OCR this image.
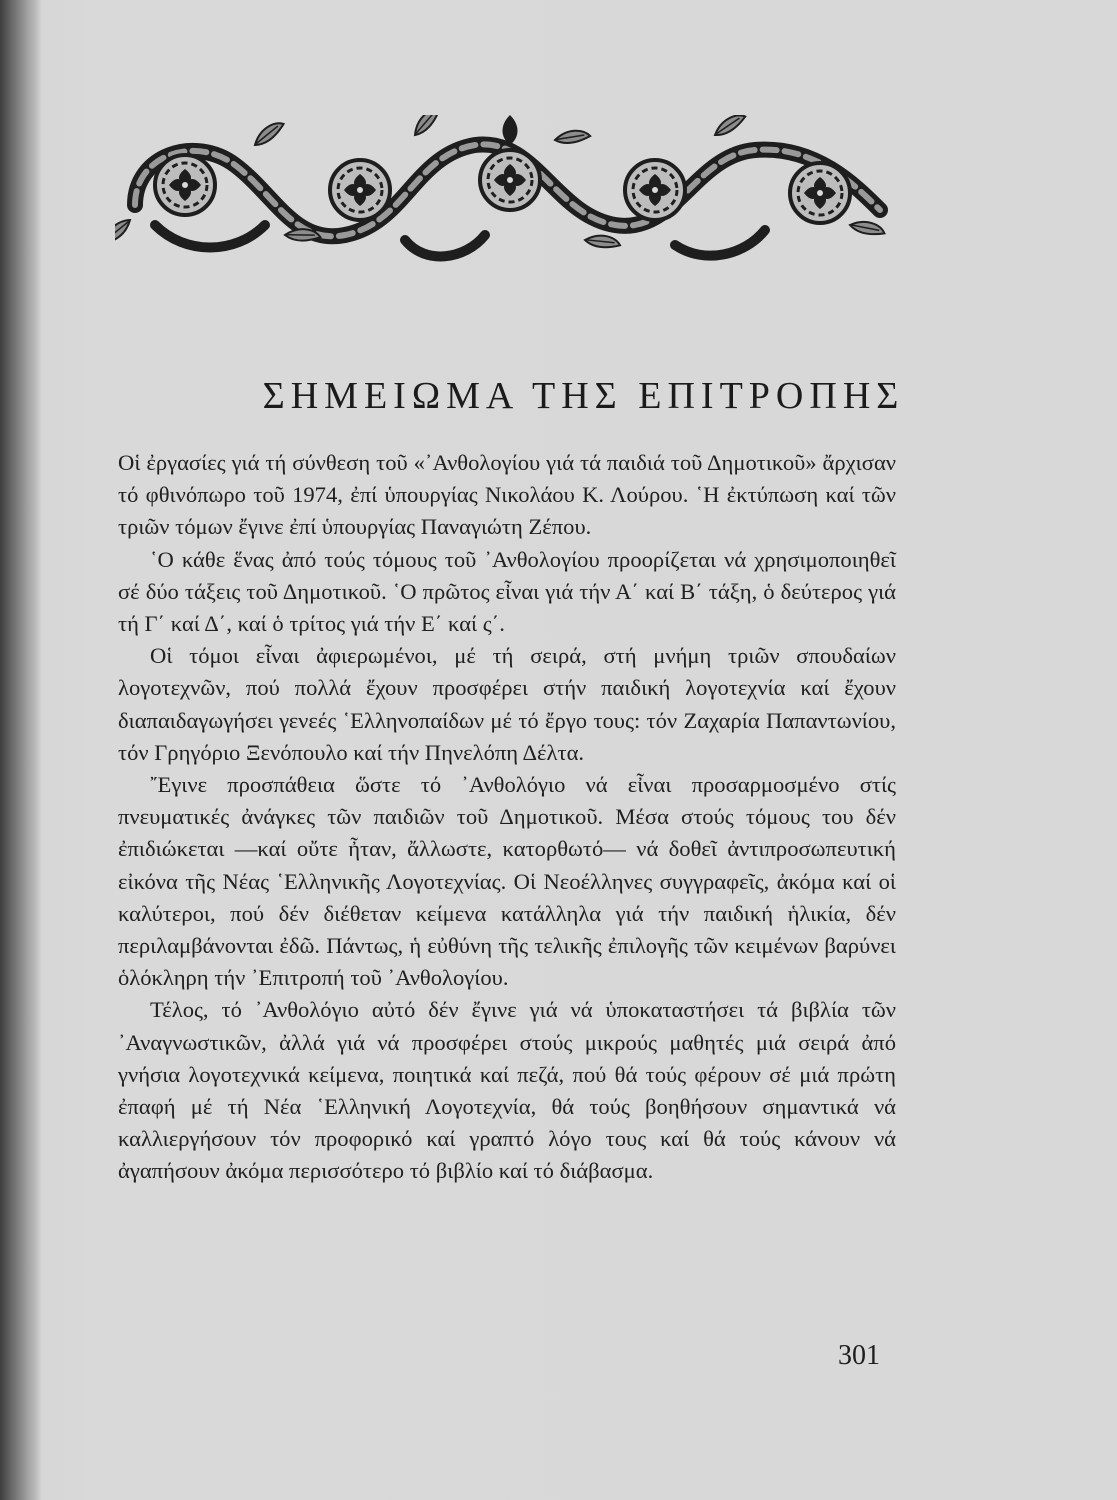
ΣΗΜΕΙΩΜΑ ΤΗΣ ΕΠΙΤΡΟΠΗΣ

Οἱ ἐργασίες γιά τή σύνθεση τοῦ «᾿Ανθολογίου γιά τά παιδιά τοῦ Δημοτικοῦ» ἄρχισαν τό φθινόπωρο τοῦ 1974, ἐπί ὑπουργίας Νικολάου Κ. Λούρου. ῾Η ἐκτύπωση καί τῶν τριῶν τόμων ἔγινε ἐπί ὑπουργίας Παναγιώτη Ζέπου.

῾Ο κάθε ἕνας ἀπό τούς τόμους τοῦ ᾿Ανθολογίου προορίζεται νά χρησιμοποιηθεῖ σέ δύο τάξεις τοῦ Δημοτικοῦ. ῾Ο πρῶτος εἶναι γιά τήν Α΄ καί Β΄ τάξη, ὁ δεύτερος γιά τή Γ΄ καί Δ΄, καί ὁ τρίτος γιά τήν Ε΄ καί ς΄.

Οἱ τόμοι εἶναι ἀφιερωμένοι, μέ τή σειρά, στή μνήμη τριῶν σπουδαίων λογοτεχνῶν, πού πολλά ἔχουν προσφέρει στήν παιδική λογοτεχνία καί ἔχουν διαπαιδαγωγήσει γενεές ῾Ελληνοπαίδων μέ τό ἔργο τους: τόν Ζαχαρία Παπαντωνίου, τόν Γρηγόριο Ξενόπουλο καί τήν Πηνελόπη Δέλτα.

῎Εγινε προσπάθεια ὥστε τό ᾿Ανθολόγιο νά εἶναι προσαρμοσμένο στίς πνευματικές ἀνάγκες τῶν παιδιῶν τοῦ Δημοτικοῦ. Μέσα στούς τόμους του δέν ἐπιδιώκεται —καί οὔτε ἦταν, ἄλλωστε, κατορθωτό— νά δοθεῖ ἀντιπροσωπευτική εἰκόνα τῆς Νέας ῾Ελληνικῆς Λογοτεχνίας. Οἱ Νεοέλληνες συγγραφεῖς, ἀκόμα καί οἱ καλύτεροι, πού δέν διέθεταν κείμενα κατάλληλα γιά τήν παιδική ἡλικία, δέν περιλαμβάνονται ἐδῶ. Πάντως, ἡ εὐθύνη τῆς τελικῆς ἐπιλογῆς τῶν κειμένων βαρύνει ὁλόκληρη τήν ᾿Επιτροπή τοῦ ᾿Ανθολογίου.

Τέλος, τό ᾿Ανθολόγιο αὐτό δέν ἔγινε γιά νά ὑποκαταστήσει τά βιβλία τῶν ᾿Αναγνωστικῶν, ἀλλά γιά νά προσφέρει στούς μικρούς μαθητές μιά σειρά ἀπό γνήσια λογοτεχνικά κείμενα, ποιητικά καί πεζά, πού θά τούς φέρουν σέ μιά πρώτη ἐπαφή μέ τή Νέα ῾Ελληνική Λογοτεχνία, θά τούς βοηθήσουν σημαντικά νά καλλιεργήσουν τόν προφορικό καί γραπτό λόγο τους καί θά τούς κάνουν νά ἀγαπήσουν ἀκόμα περισσότερο τό βιβλίο καί τό διάβασμα.

301
